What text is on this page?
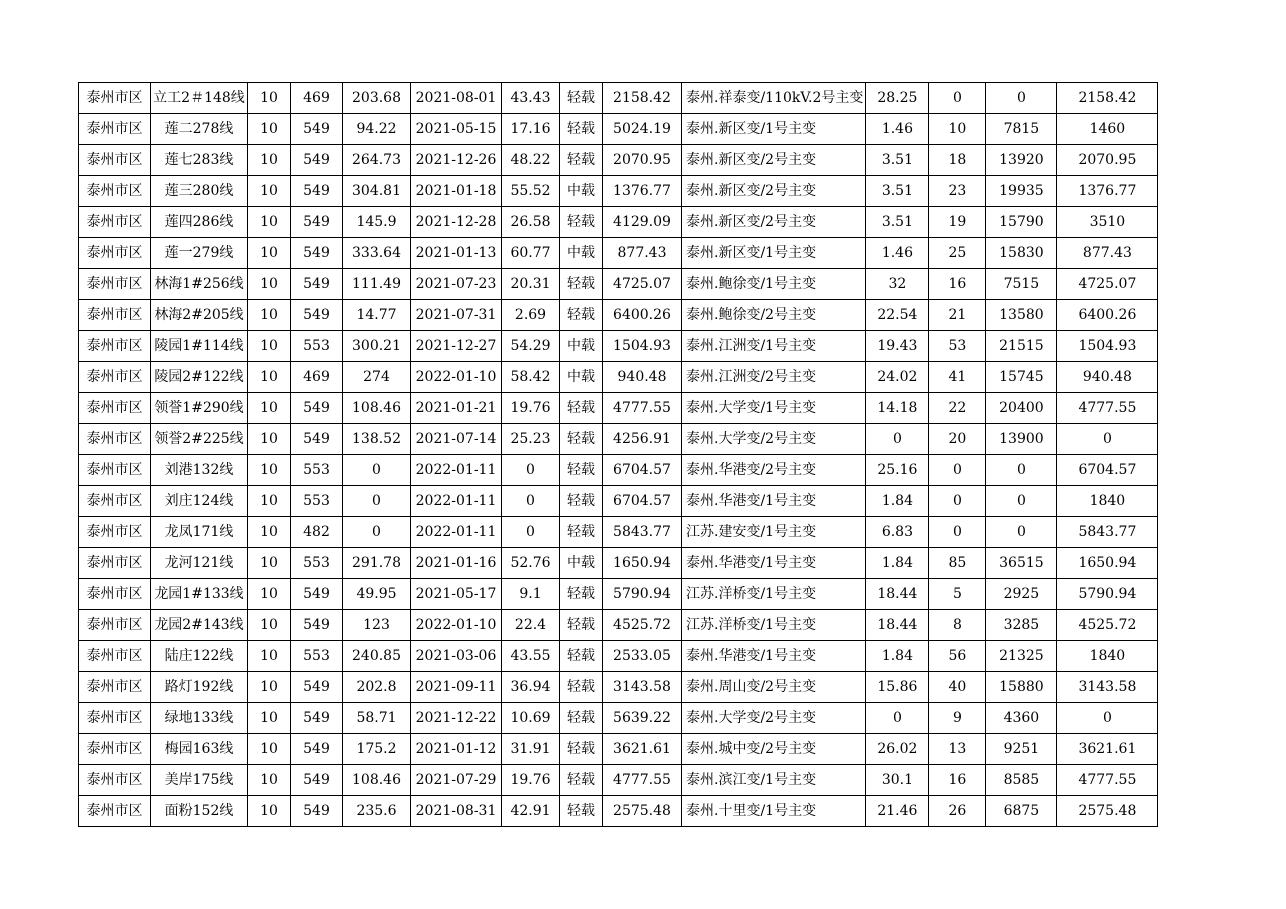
泰州市区	立工2＃148线	10	469	203.68	2021-08-01	43.43	轻载	2158.42	泰州.祥泰变/110kV.2号主变	28.25	0	0	2158.42
泰州市区	莲二278线	10	549	94.22	2021-05-15	17.16	轻载	5024.19	泰州.新区变/1号主变	1.46	10	7815	1460
泰州市区	莲七283线	10	549	264.73	2021-12-26	48.22	轻载	2070.95	泰州.新区变/2号主变	3.51	18	13920	2070.95
泰州市区	莲三280线	10	549	304.81	2021-01-18	55.52	中载	1376.77	泰州.新区变/2号主变	3.51	23	19935	1376.77
泰州市区	莲四286线	10	549	145.9	2021-12-28	26.58	轻载	4129.09	泰州.新区变/2号主变	3.51	19	15790	3510
泰州市区	莲一279线	10	549	333.64	2021-01-13	60.77	中载	877.43	泰州.新区变/1号主变	1.46	25	15830	877.43
泰州市区	林海1#256线	10	549	111.49	2021-07-23	20.31	轻载	4725.07	泰州.鲍徐变/1号主变	32	16	7515	4725.07
泰州市区	林海2#205线	10	549	14.77	2021-07-31	2.69	轻载	6400.26	泰州.鲍徐变/2号主变	22.54	21	13580	6400.26
泰州市区	陵园1#114线	10	553	300.21	2021-12-27	54.29	中载	1504.93	泰州.江洲变/1号主变	19.43	53	21515	1504.93
泰州市区	陵园2#122线	10	469	274	2022-01-10	58.42	中载	940.48	泰州.江洲变/2号主变	24.02	41	15745	940.48
泰州市区	领誉1#290线	10	549	108.46	2021-01-21	19.76	轻载	4777.55	泰州.大学变/1号主变	14.18	22	20400	4777.55
泰州市区	领誉2#225线	10	549	138.52	2021-07-14	25.23	轻载	4256.91	泰州.大学变/2号主变	0	20	13900	0
泰州市区	刘港132线	10	553	0	2022-01-11	0	轻载	6704.57	泰州.华港变/2号主变	25.16	0	0	6704.57
泰州市区	刘庄124线	10	553	0	2022-01-11	0	轻载	6704.57	泰州.华港变/1号主变	1.84	0	0	1840
泰州市区	龙凤171线	10	482	0	2022-01-11	0	轻载	5843.77	江苏.建安变/1号主变	6.83	0	0	5843.77
泰州市区	龙河121线	10	553	291.78	2021-01-16	52.76	中载	1650.94	泰州.华港变/1号主变	1.84	85	36515	1650.94
泰州市区	龙园1#133线	10	549	49.95	2021-05-17	9.1	轻载	5790.94	江苏.洋桥变/1号主变	18.44	5	2925	5790.94
泰州市区	龙园2#143线	10	549	123	2022-01-10	22.4	轻载	4525.72	江苏.洋桥变/1号主变	18.44	8	3285	4525.72
泰州市区	陆庄122线	10	553	240.85	2021-03-06	43.55	轻载	2533.05	泰州.华港变/1号主变	1.84	56	21325	1840
泰州市区	路灯192线	10	549	202.8	2021-09-11	36.94	轻载	3143.58	泰州.周山变/2号主变	15.86	40	15880	3143.58
泰州市区	绿地133线	10	549	58.71	2021-12-22	10.69	轻载	5639.22	泰州.大学变/2号主变	0	9	4360	0
泰州市区	梅园163线	10	549	175.2	2021-01-12	31.91	轻载	3621.61	泰州.城中变/2号主变	26.02	13	9251	3621.61
泰州市区	美岸175线	10	549	108.46	2021-07-29	19.76	轻载	4777.55	泰州.滨江变/1号主变	30.1	16	8585	4777.55
泰州市区	面粉152线	10	549	235.6	2021-08-31	42.91	轻载	2575.48	泰州.十里变/1号主变	21.46	26	6875	2575.48
